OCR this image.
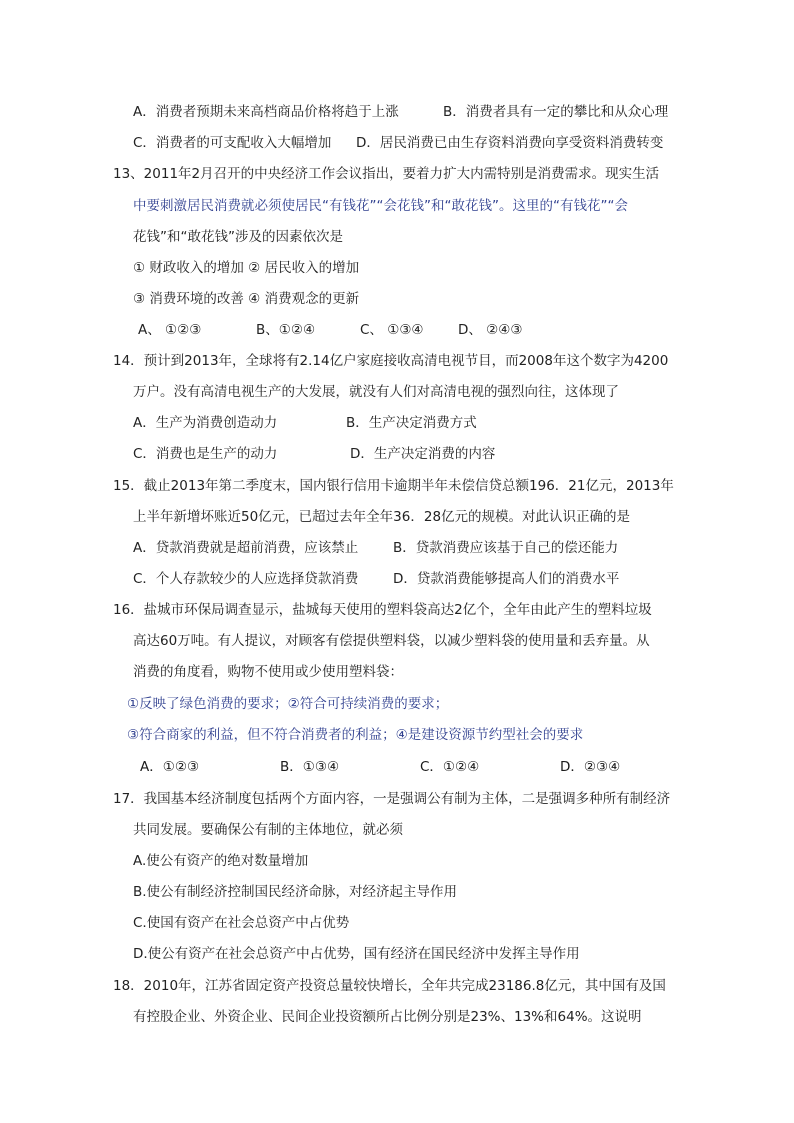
A．消费者预期未来高档商品价格将趋于上涨	B．消费者具有一定的攀比和从众心理
C．消费者的可支配收入大幅增加 D．居民消费已由生存资料消费向享受资料消费转变
13、2011年2月召开的中央经济工作会议指出，要着力扩大内需特别是消费需求。现实生活
中要刺激居民消费就必须使居民“有钱花”“会花钱”和“敢花钱”。这里的“有钱花”“会
花钱”和“敢花钱”涉及的因素依次是
① 财政收入的增加 ② 居民收入的增加
③ 消费环境的改善 ④ 消费观念的更新
A、 ①②③	B、①②④	C、 ①③④	D、 ②④③
14．预计到2013年，全球将有2.14亿户家庭接收高清电视节目，而2008年这个数字为4200
万户。没有高清电视生产的大发展，就没有人们对高清电视的强烈向往，这体现了
A．生产为消费创造动力	B．生产决定消费方式
C．消费也是生产的动力	D．生产决定消费的内容
15．截止2013年第二季度末，国内银行信用卡逾期半年未偿信贷总额196．21亿元，2013年
上半年新增坏账近50亿元，已超过去年全年36．28亿元的规模。对此认识正确的是
A．贷款消费就是超前消费，应该禁止	B．贷款消费应该基于自己的偿还能力
C．个人存款较少的人应选择贷款消费	D．贷款消费能够提高人们的消费水平
16．盐城市环保局调查显示，盐城每天使用的塑料袋高达2亿个，全年由此产生的塑料垃圾
高达60万吨。有人提议，对顾客有偿提供塑料袋，以减少塑料袋的使用量和丢弃量。从
消费的角度看，购物不使用或少使用塑料袋：
①反映了绿色消费的要求；②符合可持续消费的要求；
③符合商家的利益，但不符合消费者的利益；④是建设资源节约型社会的要求
A．①②③	B．①③④	C．①②④	D．②③④
17．我国基本经济制度包括两个方面内容，一是强调公有制为主体，二是强调多种所有制经济
共同发展。要确保公有制的主体地位，就必须
A.使公有资产的绝对数量增加
B.使公有制经济控制国民经济命脉，对经济起主导作用
C.使国有资产在社会总资产中占优势
D.使公有资产在社会总资产中占优势，国有经济在国民经济中发挥主导作用
18．2010年，江苏省固定资产投资总量较快增长，全年共完成23186.8亿元，其中国有及国
有控股企业、外资企业、民间企业投资额所占比例分别是23%、13%和64%。这说明
